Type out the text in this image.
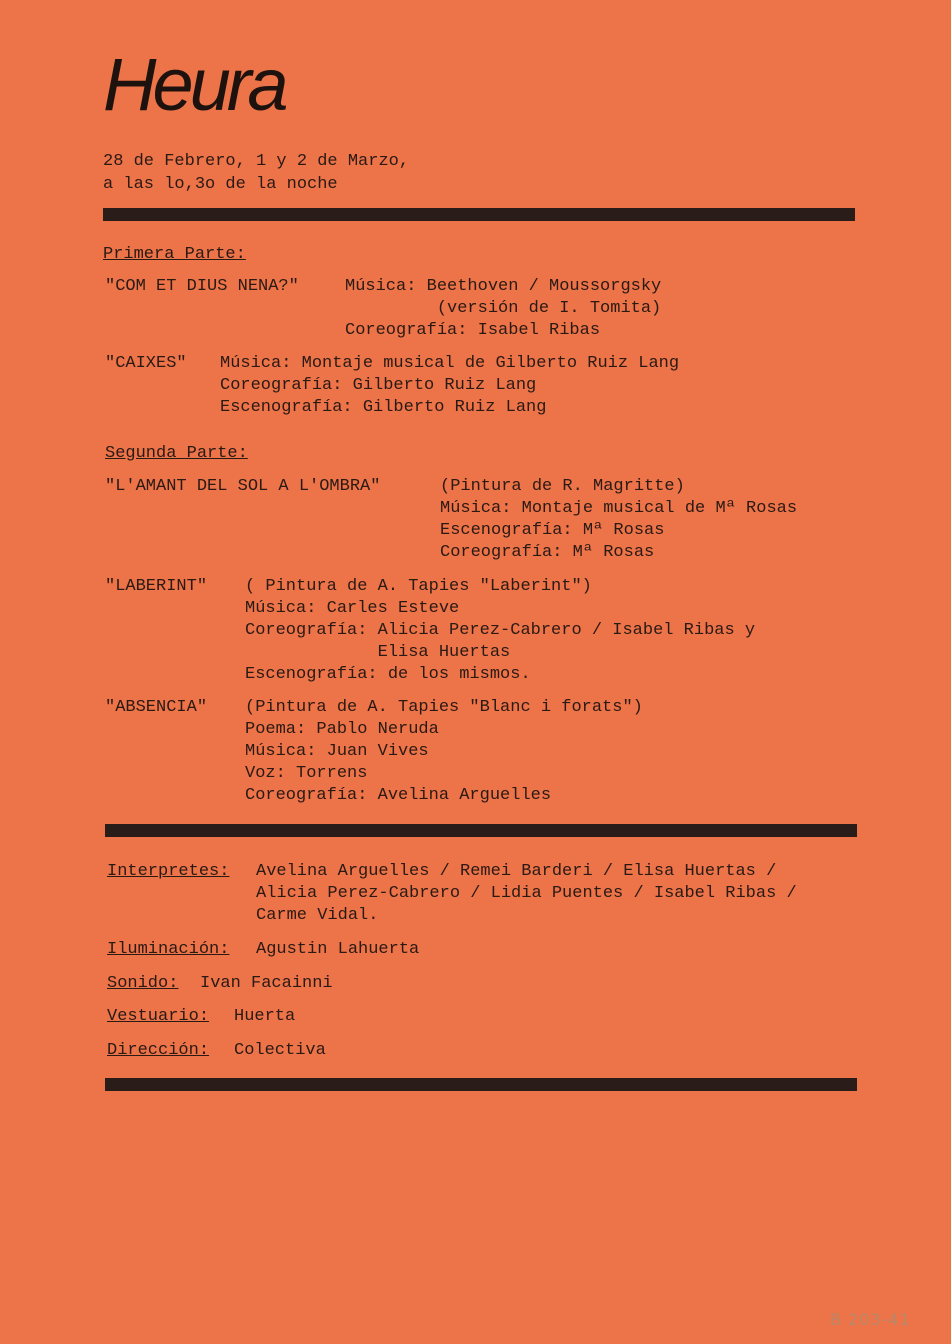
Heura
28 de Febrero, 1 y 2 de Marzo,
a las lo,3o de la noche
Primera Parte:
"COM ET DIUS NENA?"	Música: Beethoven / Moussorgsky
(versión de I. Tomita)
Coreografía: Isabel Ribas
"CAIXES" Música: Montaje musical de Gilberto Ruiz Lang
Coreografía: Gilberto Ruiz Lang
Escenografía: Gilberto Ruiz Lang
Segunda Parte:
"L'AMANT DEL SOL A L'OMBRA"	(Pintura de R. Magritte)
Música: Montaje musical de Mª Rosas
Escenografía: Mª Rosas
Coreografía: Mª Rosas
"LABERINT" ( Pintura de A. Tapies "Laberint")
Música: Carles Esteve
Coreografía: Alicia Perez-Cabrero / Isabel Ribas y
Elisa Huertas
Escenografía: de los mismos.
"ABSENCIA" (Pintura de A. Tapies "Blanc i forats")
Poema: Pablo Neruda
Música: Juan Vives
Voz: Torrens
Coreografía: Avelina Arguelles
Interpretes: Avelina Arguelles / Remei Barderi / Elisa Huertas /
Alicia Perez-Cabrero / Lidia Puentes / Isabel Ribas /
Carme Vidal.
Iluminación: Agustin Lahuerta
Sonido: Ivan Facainni
Vestuario: Huerta
Dirección: Colectiva
B 203-41
